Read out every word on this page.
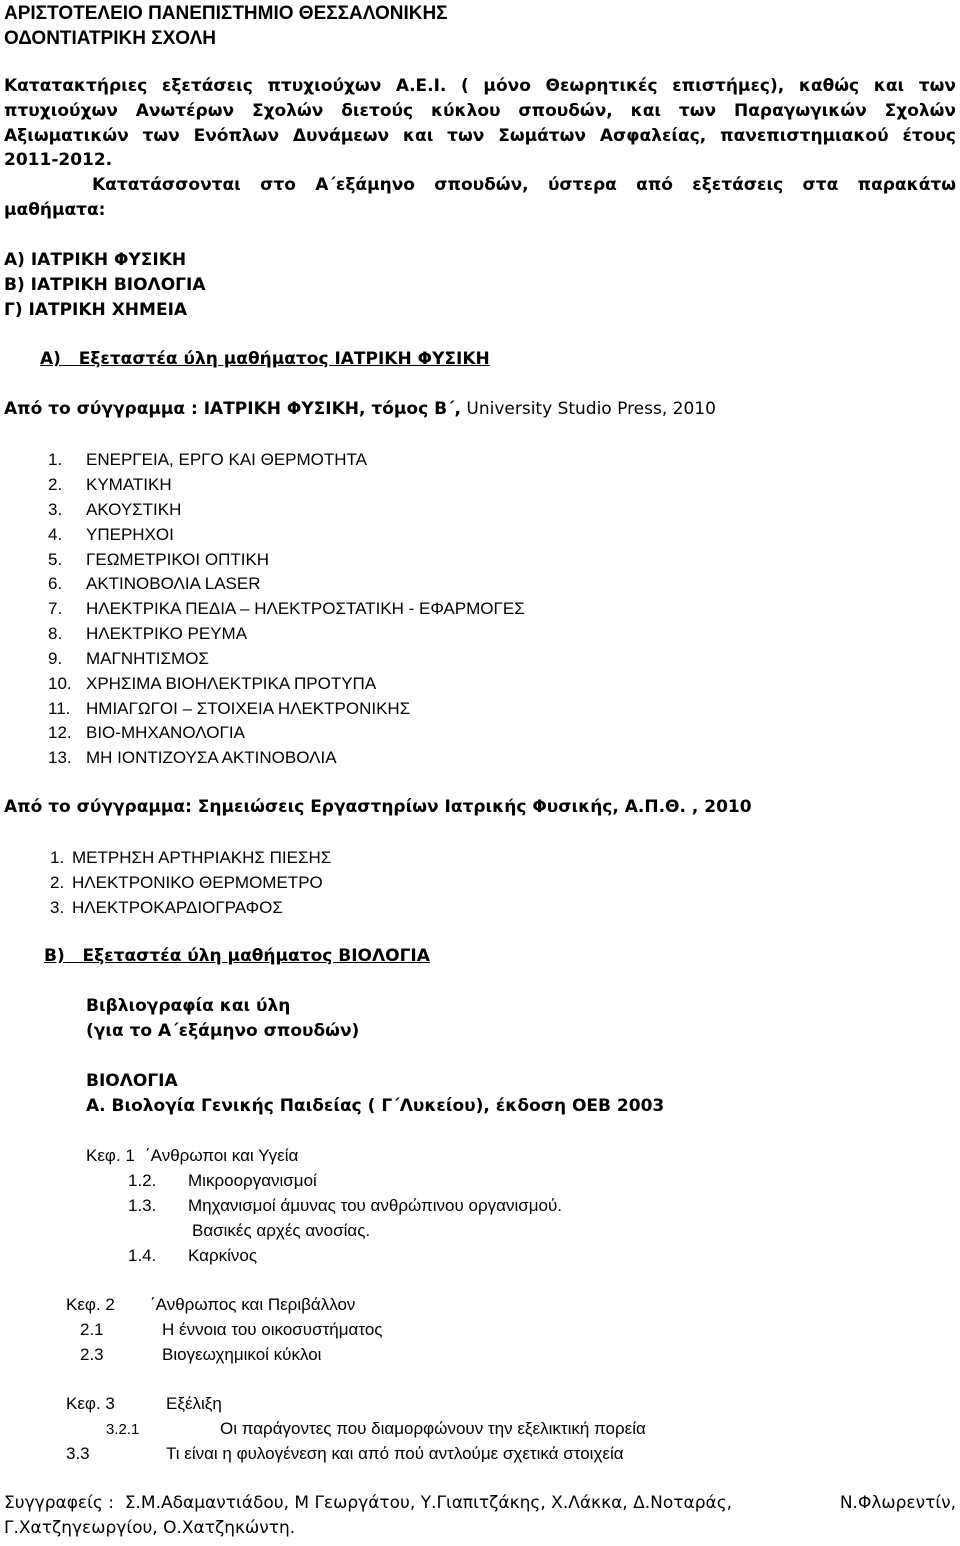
ΑΡΙΣΤΟΤΕΛΕΙΟ ΠΑΝΕΠΙΣΤΗΜΙΟ ΘΕΣΣΑΛΟΝΙΚΗΣ
ΟΔΟΝΤΙΑΤΡΙΚΗ ΣΧΟΛΗ
Κατατακτήριες εξετάσεις πτυχιούχων Α.Ε.Ι. ( μόνο Θεωρητικές επιστήμες), καθώς και των
πτυχιούχων Ανωτέρων Σχολών διετούς κύκλου σπουδών, και των Παραγωγικών Σχολών
Αξιωματικών των Ενόπλων Δυνάμεων και των Σωμάτων Ασφαλείας, πανεπιστημιακού έτους
2011-2012.
Κατατάσσονται στο Α΄εξάμηνο σπουδών, ύστερα από εξετάσεις στα παρακάτω
μαθήματα:
Α) ΙΑΤΡΙΚΗ ΦΥΣΙΚΗ
Β) ΙΑΤΡΙΚΗ ΒΙΟΛΟΓΙΑ
Γ) ΙΑΤΡΙΚΗ ΧΗΜΕΙΑ
Α) Εξεταστέα ύλη μαθήματος ΙΑΤΡΙΚΗ ΦΥΣΙΚΗ
Από το σύγγραμμα : ΙΑΤΡΙΚΗ ΦΥΣΙΚΗ, τόμος Β΄, University Studio Press, 2010
1. ΕΝΕΡΓΕΙΑ, ΕΡΓΟ ΚΑΙ ΘΕΡΜΟΤΗΤΑ
2. ΚΥΜΑΤΙΚΗ
3. ΑΚΟΥΣΤΙΚΗ
4. ΥΠΕΡΗΧΟΙ
5. ΓΕΩΜΕΤΡΙΚΟΙ ΟΠΤΙΚΗ
6. ΑΚΤΙΝΟΒΟΛΙΑ LASER
7. ΗΛΕΚΤΡΙΚΑ ΠΕΔΙΑ – ΗΛΕΚΤΡΟΣΤΑΤΙΚΗ - ΕΦΑΡΜΟΓΕΣ
8. ΗΛΕΚΤΡΙΚΟ ΡΕΥΜΑ
9. ΜΑΓΝΗΤΙΣΜΟΣ
10. ΧΡΗΣΙΜΑ ΒΙΟΗΛΕΚΤΡΙΚΑ ΠΡΟΤΥΠΑ
11. ΗΜΙΑΓΩΓΟΙ – ΣΤΟΙΧΕΙΑ ΗΛΕΚΤΡΟΝΙΚΗΣ
12. ΒΙΟ-ΜΗΧΑΝΟΛΟΓΙΑ
13. ΜΗ ΙΟΝΤΙΖΟΥΣΑ ΑΚΤΙΝΟΒΟΛΙΑ
Από το σύγγραμμα: Σημειώσεις Εργαστηρίων Ιατρικής Φυσικής, Α.Π.Θ. , 2010
1. ΜΕΤΡΗΣΗ ΑΡΤΗΡΙΑΚΗΣ ΠΙΕΣΗΣ
2. ΗΛΕΚΤΡΟΝΙΚΟ ΘΕΡΜΟΜΕΤΡΟ
3. ΗΛΕΚΤΡΟΚΑΡΔΙΟΓΡΑΦΟΣ
Β) Εξεταστέα ύλη μαθήματος ΒΙΟΛΟΓΙΑ
Βιβλιογραφία και ύλη
(για το Α΄εξάμηνο σπουδών)
ΒΙΟΛΟΓΙΑ
Α. Βιολογία Γενικής Παιδείας ( Γ΄Λυκείου), έκδοση ΟΕΒ 2003
Κεφ. 1 ΄Ανθρωποι και Υγεία
1.2. Μικροοργανισμοί
1.3. Μηχανισμοί άμυνας του ανθρώπινου οργανισμού.
Βασικές αρχές ανοσίας.
1.4. Καρκίνος
Κεφ. 2 ΄Ανθρωπος και Περιβάλλον
2.1	Η έννοια του οικοσυστήματος
2.3	Βιογεωχημικοί κύκλοι
Κεφ. 3	Εξέλιξη
3.2.1	Οι παράγοντες που διαμορφώνουν την εξελικτική πορεία
3.3	Τι είναι η φυλογένεση και από πού αντλούμε σχετικά στοιχεία
Συγγραφείς : Σ.Μ.Αδαμαντιάδου, Μ Γεωργάτου, Υ.Γιαπιτζάκης, Χ.Λάκκα, Δ.Νοταράς,	Ν.Φλωρεντίν,
Γ.Χατζηγεωργίου, Ο.Χατζηκώντη.
